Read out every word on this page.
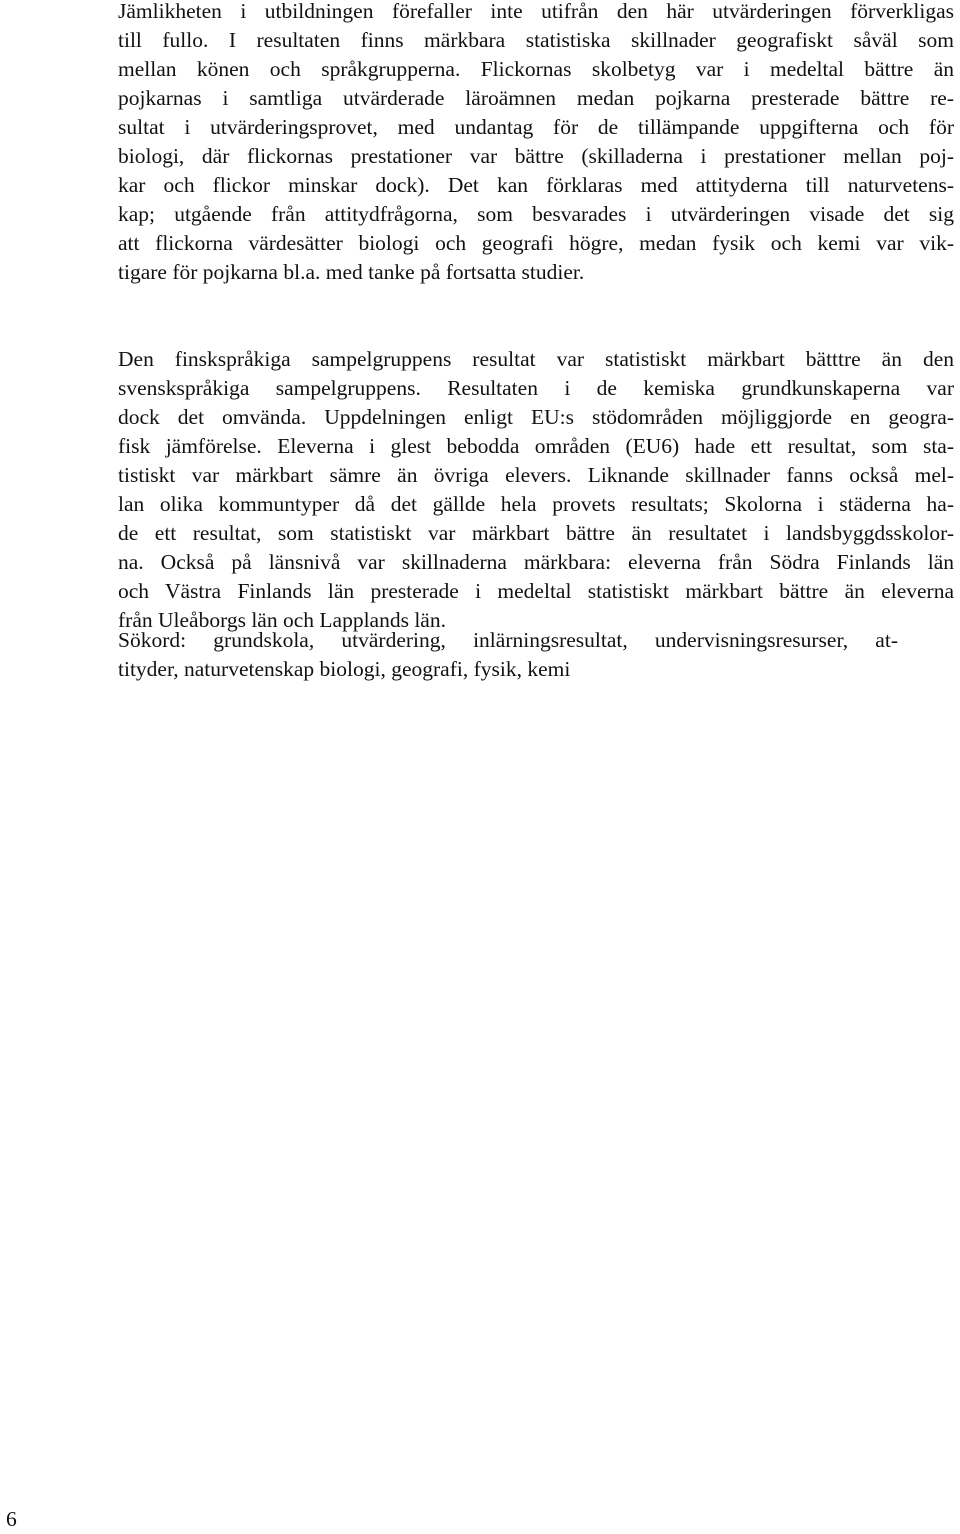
Jämlikheten i utbildningen förefaller inte utifrån den här utvärderingen förverkligas
till fullo. I resultaten finns märkbara statistiska skillnader geografiskt såväl som
mellan könen och språkgrupperna. Flickornas skolbetyg var i medeltal bättre än
pojkarnas i samtliga utvärderade läroämnen medan pojkarna presterade bättre re-
sultat i utvärderingsprovet, med undantag för de tillämpande uppgifterna och för
biologi, där flickornas prestationer var bättre (skilladerna i prestationer mellan poj-
kar och flickor minskar dock). Det kan förklaras med attityderna till naturvetens-
kap; utgående från attitydfrågorna, som besvarades i utvärderingen visade det sig
att flickorna värdesätter biologi och geografi högre, medan fysik och kemi var vik-
tigare för pojkarna bl.a. med tanke på fortsatta studier.
Den finskspråkiga sampelgruppens resultat var statistiskt märkbart bätttre än den
svenskspråkiga sampelgruppens. Resultaten i de kemiska grundkunskaperna var
dock det omvända. Uppdelningen enligt EU:s stödområden möjliggjorde en geogra-
fisk jämförelse. Eleverna i glest bebodda områden (EU6) hade ett resultat, som sta-
tistiskt var märkbart sämre än övriga elevers. Liknande skillnader fanns också mel-
lan olika kommuntyper då det gällde hela provets resultats; Skolorna i städerna ha-
de ett resultat, som statistiskt var märkbart bättre än resultatet i landsbyggdsskolor-
na. Också på länsnivå var skillnaderna märkbara: eleverna från Södra Finlands län
och Västra Finlands län presterade i medeltal statistiskt märkbart bättre än eleverna
från Uleåborgs län och Lapplands län.
Sökord: grundskola, utvärdering, inlärningsresultat, undervisningsresurser, at-
tityder, naturvetenskap biologi, geografi, fysik, kemi
6
